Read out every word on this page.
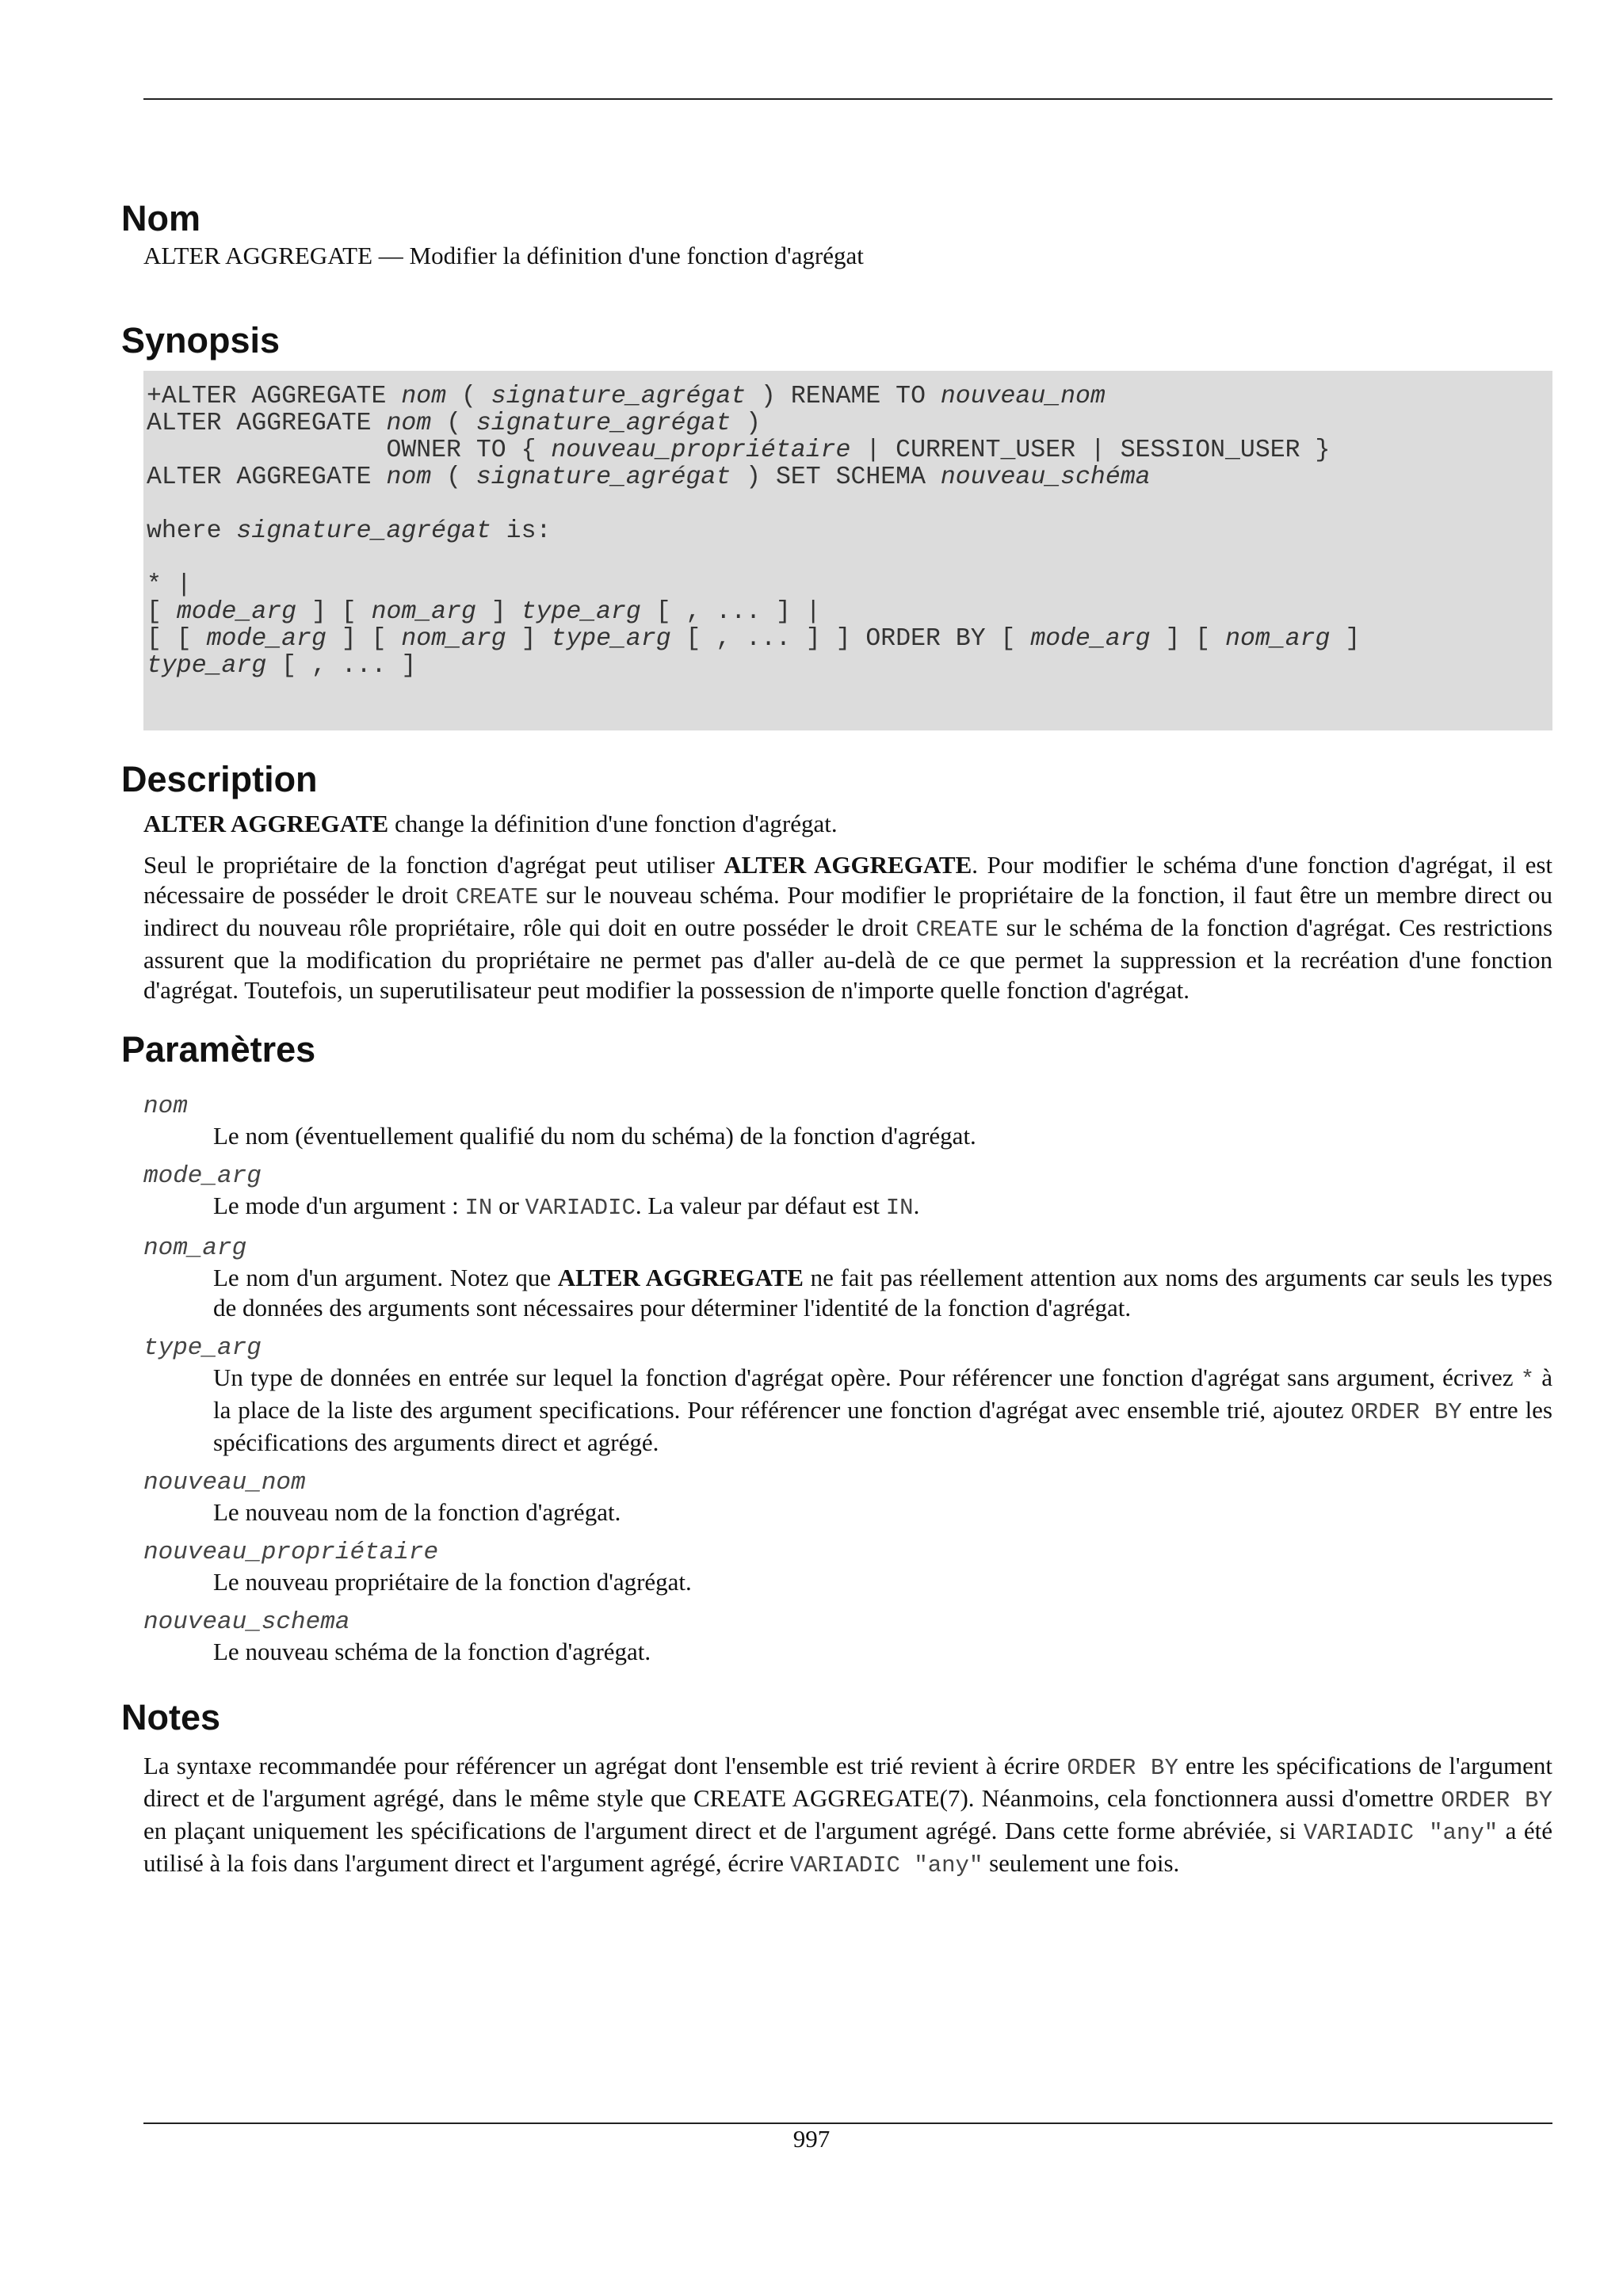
Nom

ALTER AGGREGATE — Modifier la définition d'une fonction d'agrégat

Synopsis
+ALTER AGGREGATE nom ( signature_agrégat ) RENAME TO nouveau_nom
ALTER AGGREGATE nom ( signature_agrégat )
OWNER TO { nouveau_propriétaire | CURRENT_USER | SESSION_USER }
ALTER AGGREGATE nom ( signature_agrégat ) SET SCHEMA nouveau_schéma

where signature_agrégat is:

* |
[ mode_arg ] [ nom_arg ] type_arg [ , ... ] |
[ [ mode_arg ] [ nom_arg ] type_arg [ , ... ] ] ORDER BY [ mode_arg ] [ nom_arg ]
type_arg [ , ... ]
Description

ALTER AGGREGATE change la définition d'une fonction d'agrégat.

Seul le propriétaire de la fonction d'agrégat peut utiliser ALTER AGGREGATE. Pour modifier le schéma d'une fonction d'agrégat, il est nécessaire de posséder le droit CREATE sur le nouveau schéma. Pour modifier le propriétaire de la fonction, il faut être un membre direct ou indirect du nouveau rôle propriétaire, rôle qui doit en outre posséder le droit CREATE sur le schéma de la fonction d'agrégat. Ces restrictions assurent que la modification du propriétaire ne permet pas d'aller au-delà de ce que permet la suppression et la recréation d'une fonction d'agrégat. Toutefois, un superutilisateur peut modifier la possession de n'importe quelle fonction d'agrégat.

Paramètres
nom

Le nom (éventuellement qualifié du nom du schéma) de la fonction d'agrégat.

mode_arg

Le mode d'un argument : IN or VARIADIC. La valeur par défaut est IN.

nom_arg

Le nom d'un argument. Notez que ALTER AGGREGATE ne fait pas réellement attention aux noms des arguments car seuls les types de données des arguments sont nécessaires pour déterminer l'identité de la fonction d'agrégat.

type_arg

Un type de données en entrée sur lequel la fonction d'agrégat opère. Pour référencer une fonction d'agrégat sans argument, écrivez * à la place de la liste des argument specifications. Pour référencer une fonction d'agrégat avec ensemble trié, ajoutez ORDER BY entre les spécifications des arguments direct et agrégé.

nouveau_nom

Le nouveau nom de la fonction d'agrégat.

nouveau_propriétaire

Le nouveau propriétaire de la fonction d'agrégat.

nouveau_schema

Le nouveau schéma de la fonction d'agrégat.

Notes

La syntaxe recommandée pour référencer un agrégat dont l'ensemble est trié revient à écrire ORDER BY entre les spécifications de l'argument direct et de l'argument agrégé, dans le même style que CREATE AGGREGATE(7). Néanmoins, cela fonctionnera aussi d'omettre ORDER BY en plaçant uniquement les spécifications de l'argument direct et de l'argument agrégé. Dans cette forme abréviée, si VARIADIC "any" a été utilisé à la fois dans l'argument direct et l'argument agrégé, écrire VARIADIC "any" seulement une fois.

997
